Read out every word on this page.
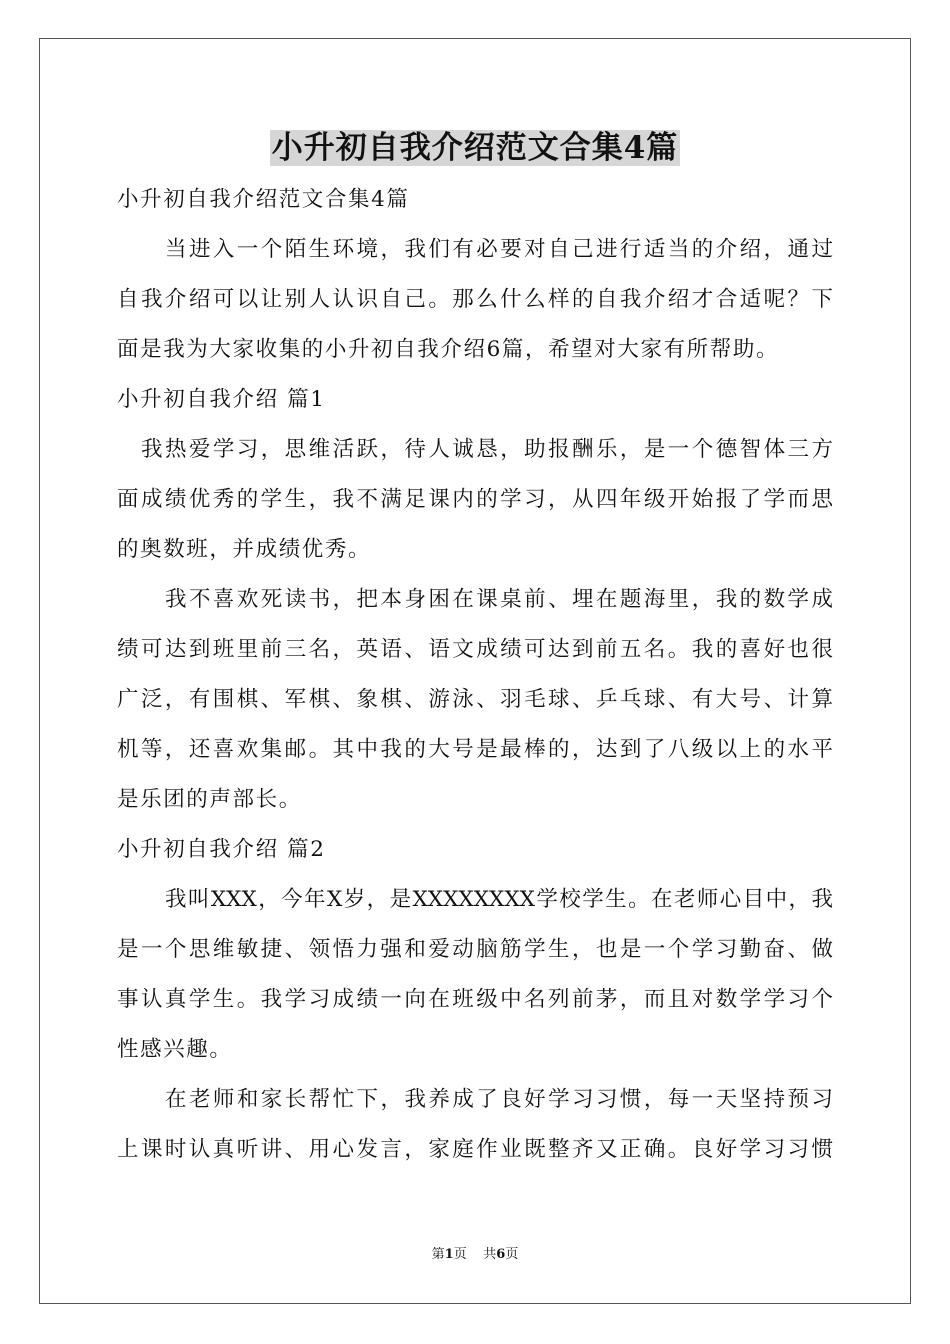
小升初自我介绍范文合集4篇
小升初自我介绍范文合集4篇
当进入一个陌生环境，我们有必要对自己进行适当的介绍，通过
自我介绍可以让别人认识自己。那么什么样的自我介绍才合适呢？下
面是我为大家收集的小升初自我介绍6篇，希望对大家有所帮助。
小升初自我介绍 篇1
我热爱学习，思维活跃，待人诚恳，助报酬乐，是一个德智体三方
面成绩优秀的学生，我不满足课内的学习，从四年级开始报了学而思
的奥数班，并成绩优秀。
我不喜欢死读书，把本身困在课桌前、埋在题海里，我的数学成
绩可达到班里前三名，英语、语文成绩可达到前五名。我的喜好也很
广泛，有围棋、军棋、象棋、游泳、羽毛球、乒乓球、有大号、计算
机等，还喜欢集邮。其中我的大号是最棒的，达到了八级以上的水平
是乐团的声部长。
小升初自我介绍 篇2
我叫XXX，今年X岁，是XXXXXXXX学校学生。在老师心目中，我
是一个思维敏捷、领悟力强和爱动脑筋学生，也是一个学习勤奋、做
事认真学生。我学习成绩一向在班级中名列前茅，而且对数学学习个
性感兴趣。
在老师和家长帮忙下，我养成了良好学习习惯，每一天坚持预习
上课时认真听讲、用心发言，家庭作业既整齐又正确。良好学习习惯
第1页 共6页
